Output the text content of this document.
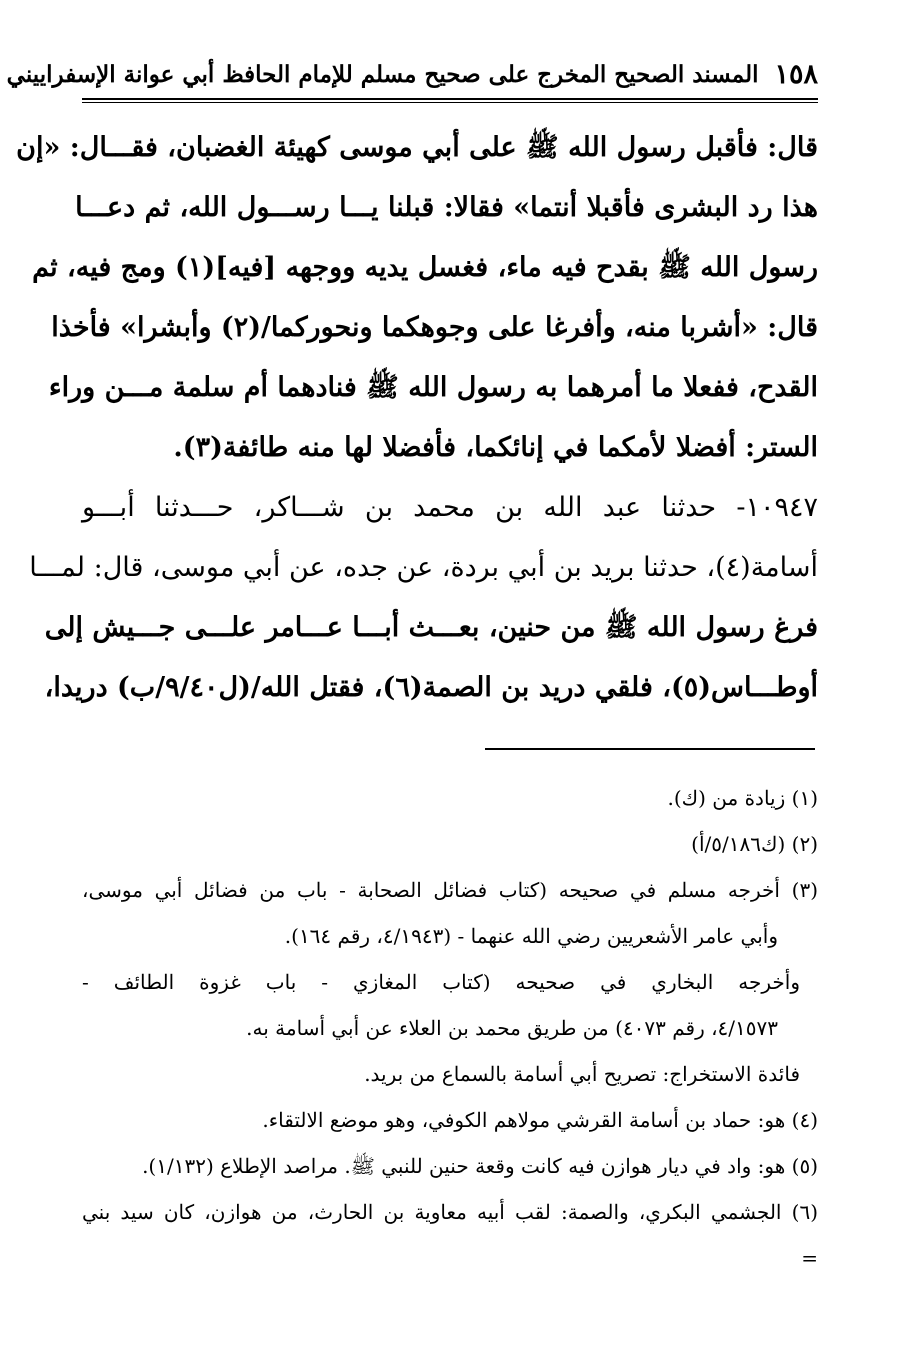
١٥٨
المسند الصحيح المخرج على صحيح مسلم للإمام الحافظ أبي عوانة الإسفراييني
قال: فأقبل رسول الله ﷺ على أبي موسى كهيئة الغضبان، فقـــال: «إن
هذا رد البشرى فأقبلا أنتما» فقالا: قبلنا يـــا رســـول الله، ثم دعـــا
رسول الله ﷺ بقدح فيه ماء، فغسل يديه ووجهه [فيه](١) ومج فيه، ثم
قال: «أشربا منه، وأفرغا على وجوهكما ونحوركما/(٢) وأبشرا» فأخذا
القدح، ففعلا ما أمرهما به رسول الله ﷺ فنادهما أم سلمة مـــن وراء
الستر: أفضلا لأمكما في إنائكما، فأفضلا لها منه طائفة(٣).
١٠٩٤٧- حدثنا عبد الله بن محمد بن شـــاكر، حـــدثنا أبـــو
أسامة(٤)، حدثنا بريد بن أبي بردة، عن جده، عن أبي موسى، قال: لمـــا
فرغ رسول الله ﷺ من حنين، بعـــث أبـــا عـــامر علـــى جـــيش إلى
أوطـــاس(٥)، فلقي دريد بن الصمة(٦)، فقتل الله/(ل٩/٤٠/ب) دريدا،
(١) زيادة من (ك).
(٢) (ك٥/١٨٦/أ)
(٣) أخرجه مسلم في صحيحه (كتاب فضائل الصحابة - باب من فضائل أبي موسى،
وأبي عامر الأشعريين رضي الله عنهما - (٤/١٩٤٣، رقم ١٦٤).
وأخرجه البخاري في صحيحه (كتاب المغازي - باب غزوة الطائف -
٤/١٥٧٣، رقم ٤٠٧٣) من طريق محمد بن العلاء عن أبي أسامة به.
فائدة الاستخراج: تصريح أبي أسامة بالسماع من بريد.
(٤) هو: حماد بن أسامة القرشي مولاهم الكوفي، وهو موضع الالتقاء.
(٥) هو: واد في ديار هوازن فيه كانت وقعة حنين للنبي ﷺ. مراصد الإطلاع (١/١٣٢).
(٦) الجشمي البكري، والصمة: لقب أبيه معاوية بن الحارث، من هوازن، كان سيد بني
=
